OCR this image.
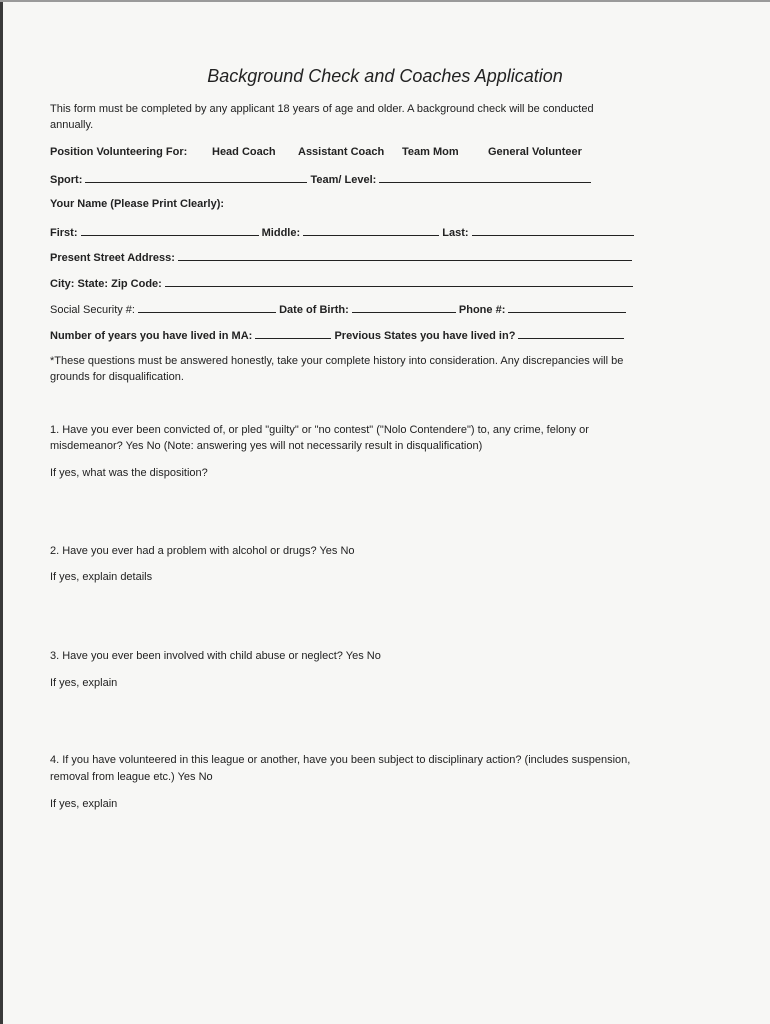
Background Check and Coaches Application
This form must be completed by any applicant 18 years of age and older. A background check will be conducted
annually.
Position Volunteering For: Head Coach Assistant Coach Team Mom	General Volunteer
Sport:	Team/ Level:
Your Name (Please Print Clearly):
First:	Middle:	Last:
Present Street Address:
City: State: Zip Code:
Social Security #:	Date of Birth:	Phone #:
Number of years you have lived in MA:	Previous States you have lived in?
*These questions must be answered honestly, take your complete history into consideration. Any discrepancies will be
grounds for disqualification.
1. Have you ever been convicted of, or pled "guilty" or "no contest" ("Nolo Contendere") to, any crime, felony or
misdemeanor? Yes No (Note: answering yes will not necessarily result in disqualification)
If yes, what was the disposition?
2. Have you ever had a problem with alcohol or drugs? Yes No
If yes, explain details
3. Have you ever been involved with child abuse or neglect? Yes No
If yes, explain
4. If you have volunteered in this league or another, have you been subject to disciplinary action? (includes suspension,
removal from league etc.) Yes No
If yes, explain
